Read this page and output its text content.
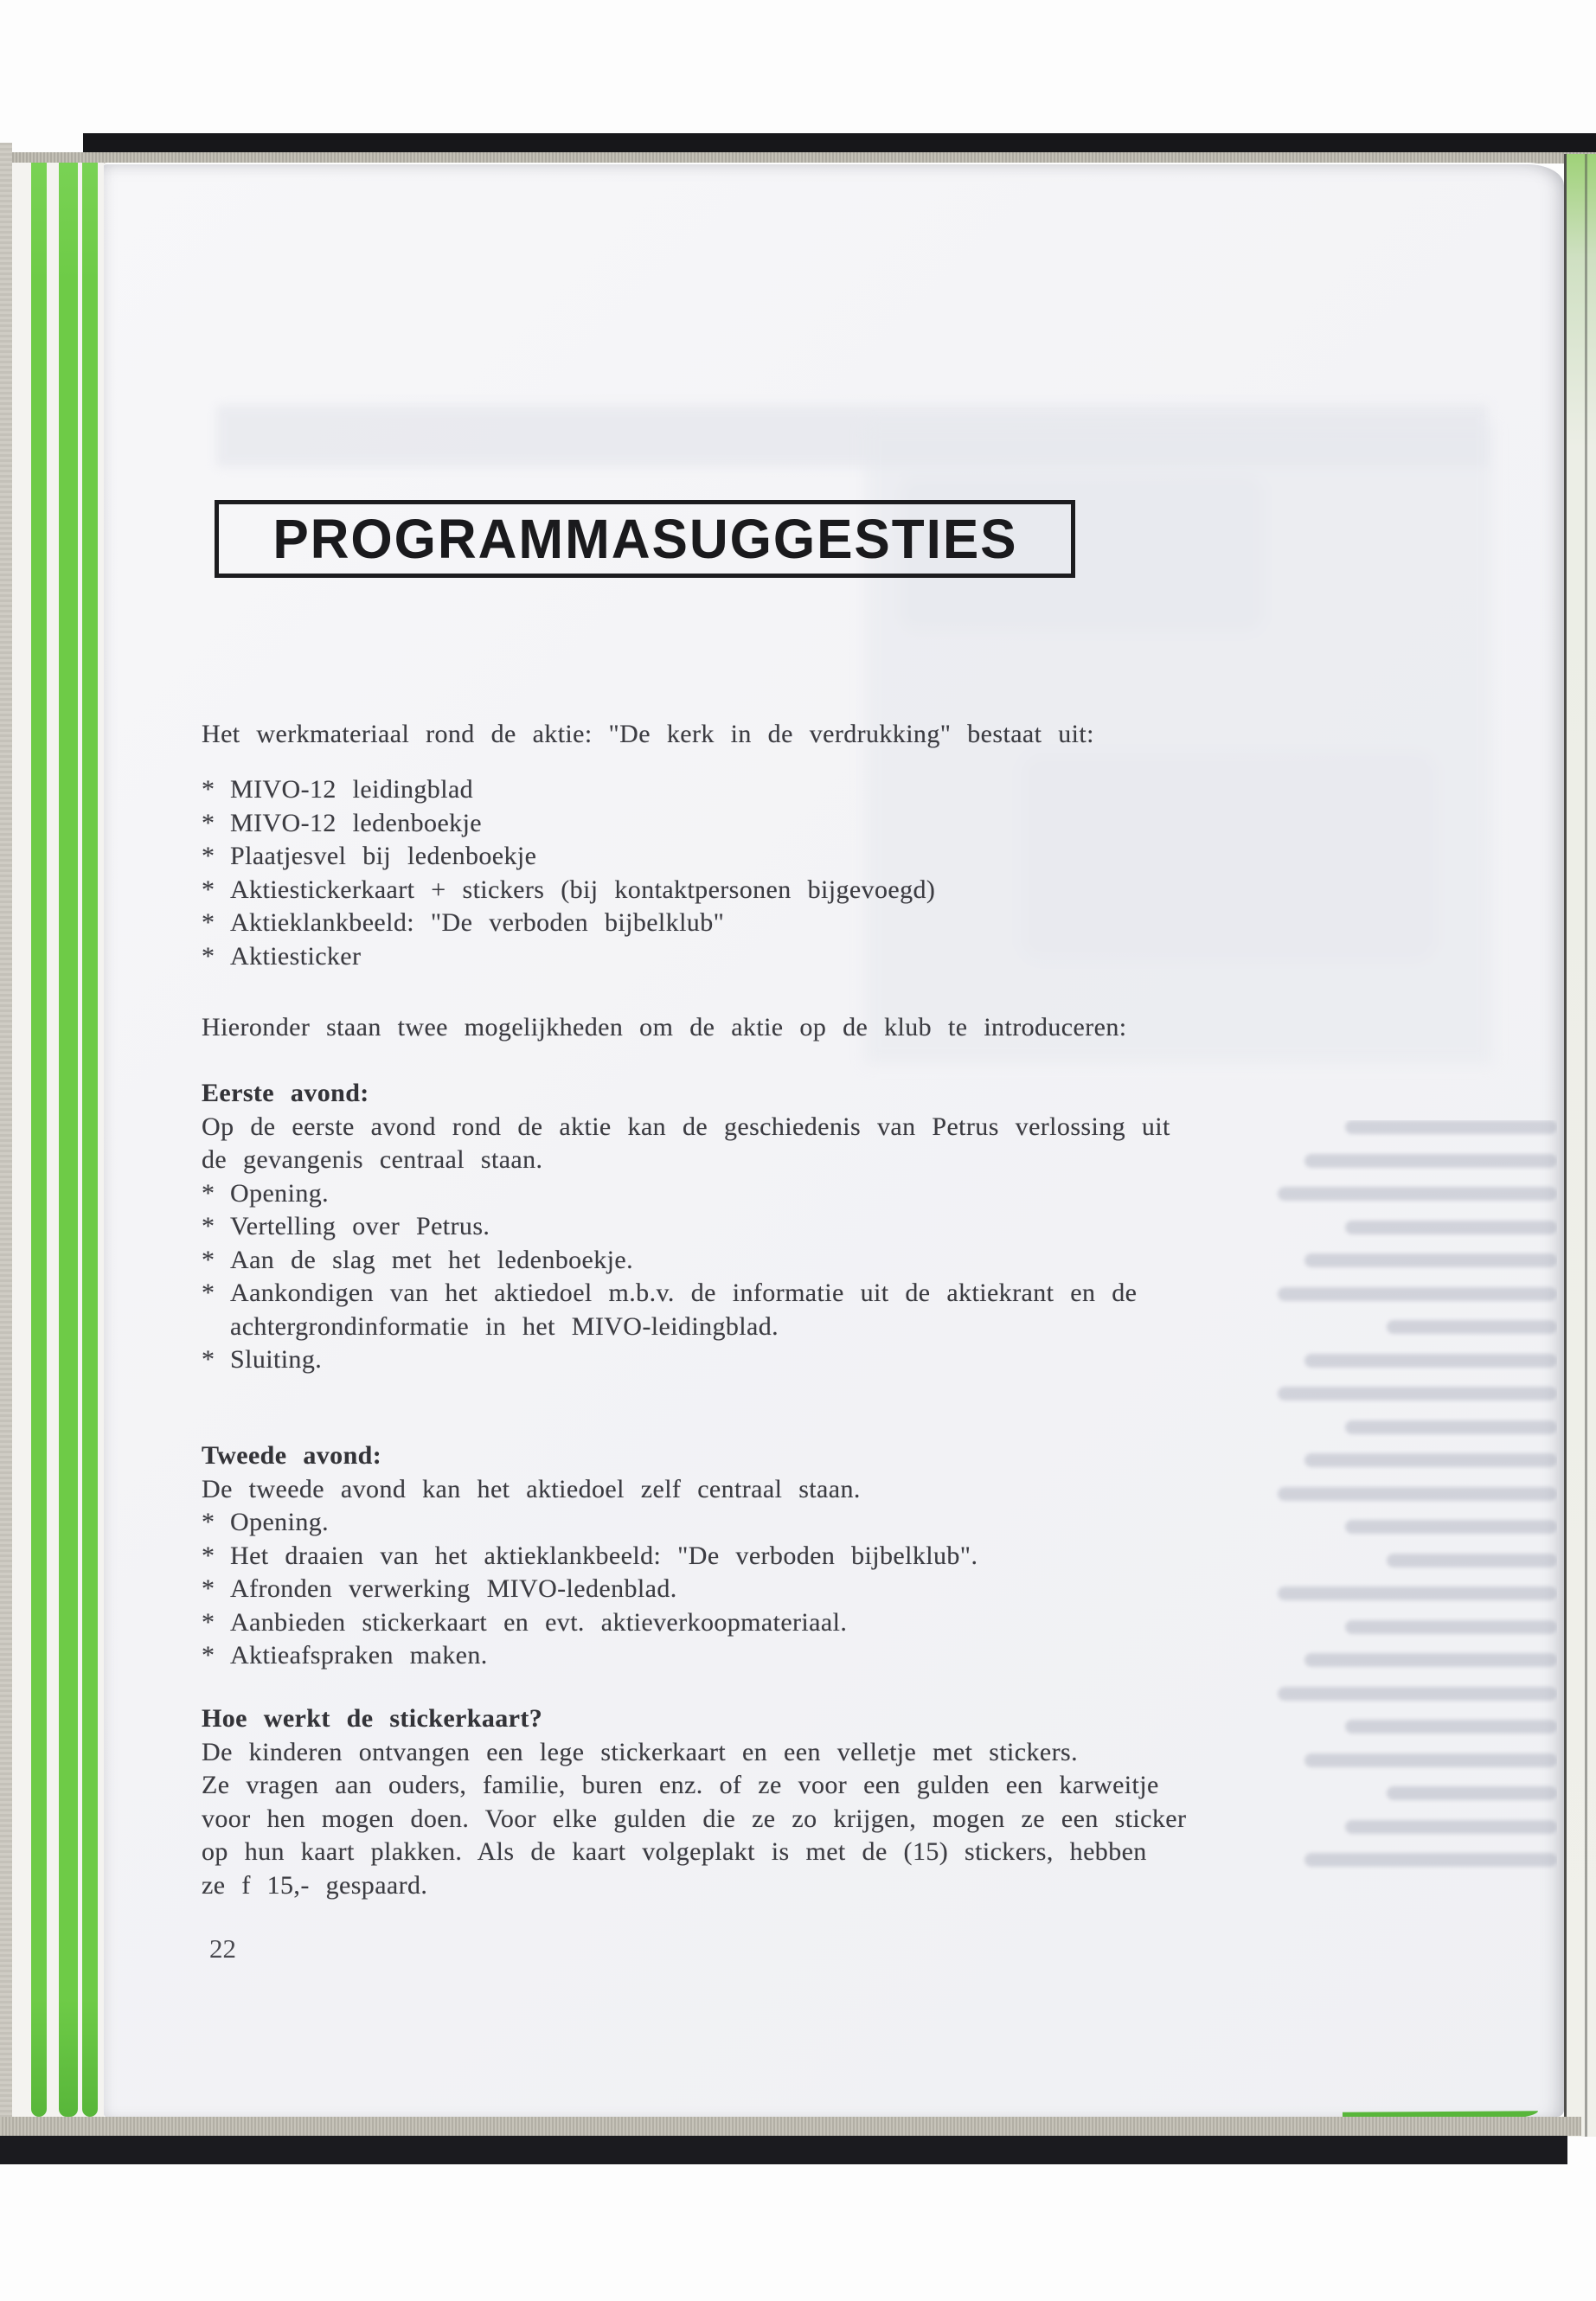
PROGRAMMASUGGESTIES
Het werkmateriaal rond de aktie: "De kerk in de verdrukking" bestaat uit:
* MIVO-12 leidingblad
* MIVO-12 ledenboekje
* Plaatjesvel bij ledenboekje
* Aktiestickerkaart + stickers (bij kontaktpersonen bijgevoegd)
* Aktieklankbeeld: "De verboden bijbelklub"
* Aktiesticker
Hieronder staan twee mogelijkheden om de aktie op de klub te introduceren:
Eerste avond:
Op de eerste avond rond de aktie kan de geschiedenis van Petrus verlossing uit
de gevangenis centraal staan.
* Opening.
* Vertelling over Petrus.
* Aan de slag met het ledenboekje.
* Aankondigen van het aktiedoel m.b.v. de informatie uit de aktiekrant en de
achtergrondinformatie in het MIVO-leidingblad.
* Sluiting.
Tweede avond:
De tweede avond kan het aktiedoel zelf centraal staan.
* Opening.
* Het draaien van het aktieklankbeeld: "De verboden bijbelklub".
* Afronden verwerking MIVO-ledenblad.
* Aanbieden stickerkaart en evt. aktieverkoopmateriaal.
* Aktieafspraken maken.
Hoe werkt de stickerkaart?
De kinderen ontvangen een lege stickerkaart en een velletje met stickers.
Ze vragen aan ouders, familie, buren enz. of ze voor een gulden een karweitje
voor hen mogen doen. Voor elke gulden die ze zo krijgen, mogen ze een sticker
op hun kaart plakken. Als de kaart volgeplakt is met de (15) stickers, hebben
ze f 15,- gespaard.
22
